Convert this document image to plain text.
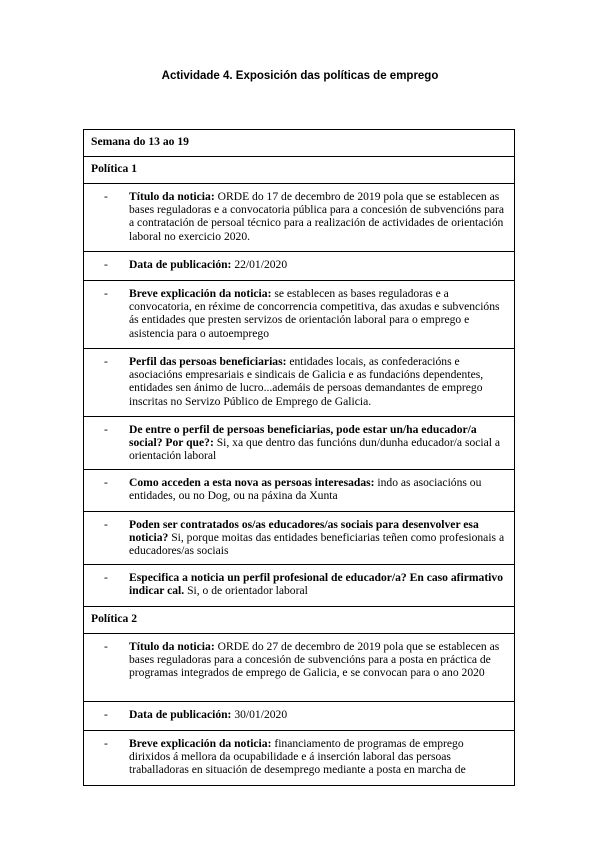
Actividade 4. Exposición das políticas de emprego
Semana do 13 ao 19
Política 1

-	Título da noticia: ORDE do 17 de decembro de 2019 pola que se establecen as bases reguladoras e a convocatoria pública para a concesión de subvencións para a contratación de persoal técnico para a realización de actividades de orientación laboral no exercicio 2020.

-	Data de publicación: 22/01/2020

-	Breve explicación da noticia: se establecen as bases reguladoras e a convocatoria, en réxime de concorrencia competitiva, das axudas e subvencións ás entidades que presten servizos de orientación laboral para o emprego e asistencia para o autoemprego

-	Perfil das persoas beneficiarias: entidades locais, as confederacións e asociacións empresariais e sindicais de Galicia e as fundacións dependentes, entidades sen ánimo de lucro...ademáis de persoas demandantes de emprego inscritas no Servizo Público de Emprego de Galicia.

-	De entre o perfil de persoas beneficiarias, pode estar un/ha educador/a social? Por que?: Si, xa que dentro das funcións dun/dunha educador/a social a orientación laboral

-	Como acceden a esta nova as persoas interesadas: indo as asociacións ou entidades, ou no Dog, ou na páxina da Xunta

-	Poden ser contratados os/as educadores/as sociais para desenvolver esa noticia? Si, porque moitas das entidades beneficiarias teñen como profesionais a educadores/as sociais

-	Especifica a noticia un perfil profesional de educador/a? En caso afirmativo indicar cal. Si, o de orientador laboral

Política 2

-	Título da noticia: ORDE do 27 de decembro de 2019 pola que se establecen as bases reguladoras para a concesión de subvencións para a posta en práctica de programas integrados de emprego de Galicia, e se convocan para o ano 2020

-	Data de publicación: 30/01/2020

-	Breve explicación da noticia: financiamento de programas de emprego dirixidos á mellora da ocupabilidade e á inserción laboral das persoas traballadoras en situación de desemprego mediante a posta en marcha de
